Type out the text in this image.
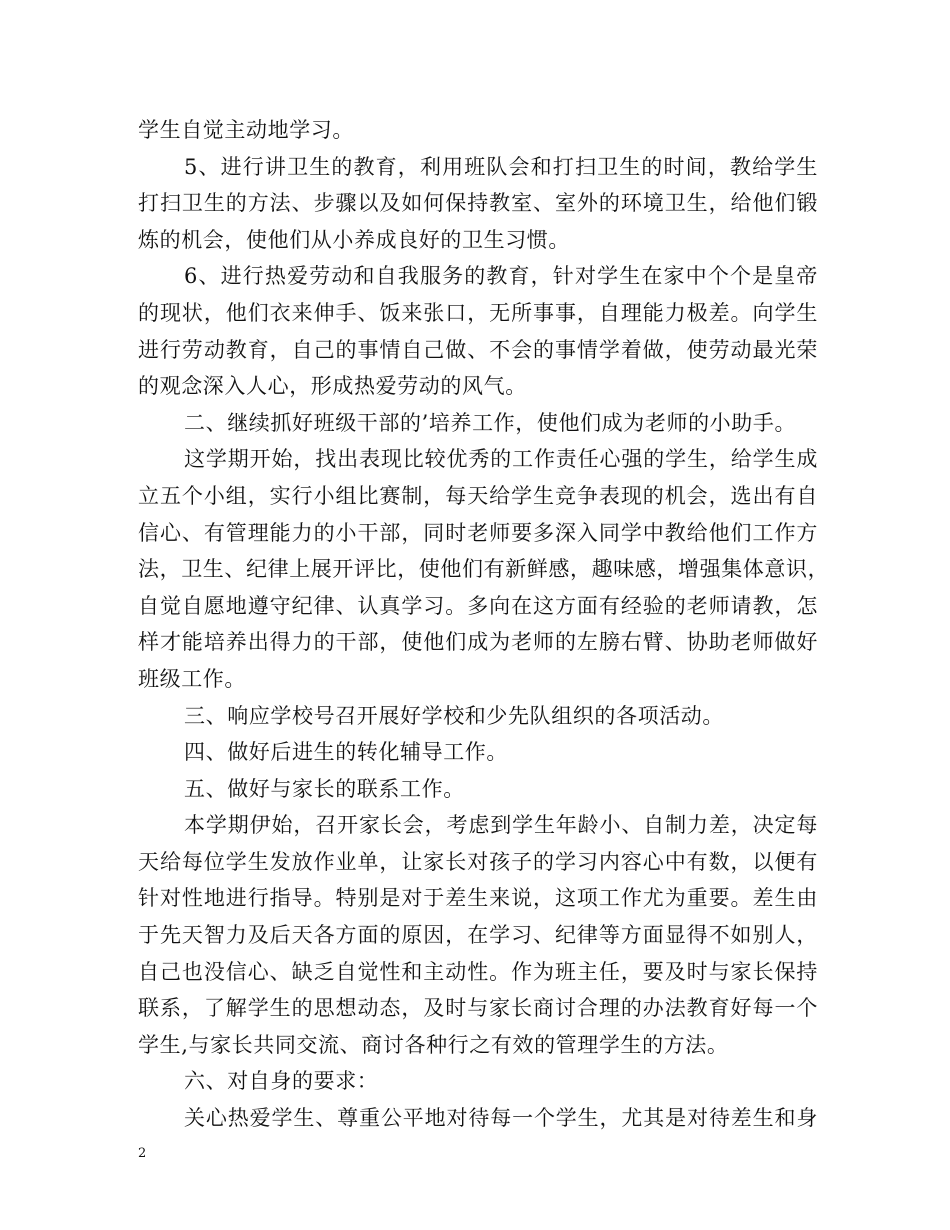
学生自觉主动地学习。
5、进行讲卫生的教育，利用班队会和打扫卫生的时间，教给学生
打扫卫生的方法、步骤以及如何保持教室、室外的环境卫生，给他们锻
炼的机会，使他们从小养成良好的卫生习惯。
6、进行热爱劳动和自我服务的教育，针对学生在家中个个是皇帝
的现状，他们衣来伸手、饭来张口，无所事事，自理能力极差。向学生
进行劳动教育，自己的事情自己做、不会的事情学着做，使劳动最光荣
的观念深入人心，形成热爱劳动的风气。
二、继续抓好班级干部的’培养工作，使他们成为老师的小助手。
这学期开始，找出表现比较优秀的工作责任心强的学生，给学生成
立五个小组，实行小组比赛制，每天给学生竞争表现的机会，选出有自
信心、有管理能力的小干部，同时老师要多深入同学中教给他们工作方
法，卫生、纪律上展开评比，使他们有新鲜感，趣味感，增强集体意识，
自觉自愿地遵守纪律、认真学习。多向在这方面有经验的老师请教，怎
样才能培养出得力的干部，使他们成为老师的左膀右臂、协助老师做好
班级工作。
三、响应学校号召开展好学校和少先队组织的各项活动。
四、做好后进生的转化辅导工作。
五、做好与家长的联系工作。
本学期伊始，召开家长会，考虑到学生年龄小、自制力差，决定每
天给每位学生发放作业单，让家长对孩子的学习内容心中有数，以便有
针对性地进行指导。特别是对于差生来说，这项工作尤为重要。差生由
于先天智力及后天各方面的原因，在学习、纪律等方面显得不如别人，
自己也没信心、缺乏自觉性和主动性。作为班主任，要及时与家长保持
联系，了解学生的思想动态，及时与家长商讨合理的办法教育好每一个
学生,与家长共同交流、商讨各种行之有效的管理学生的方法。
六、对自身的要求：
关心热爱学生、尊重公平地对待每一个学生，尤其是对待差生和身
2
